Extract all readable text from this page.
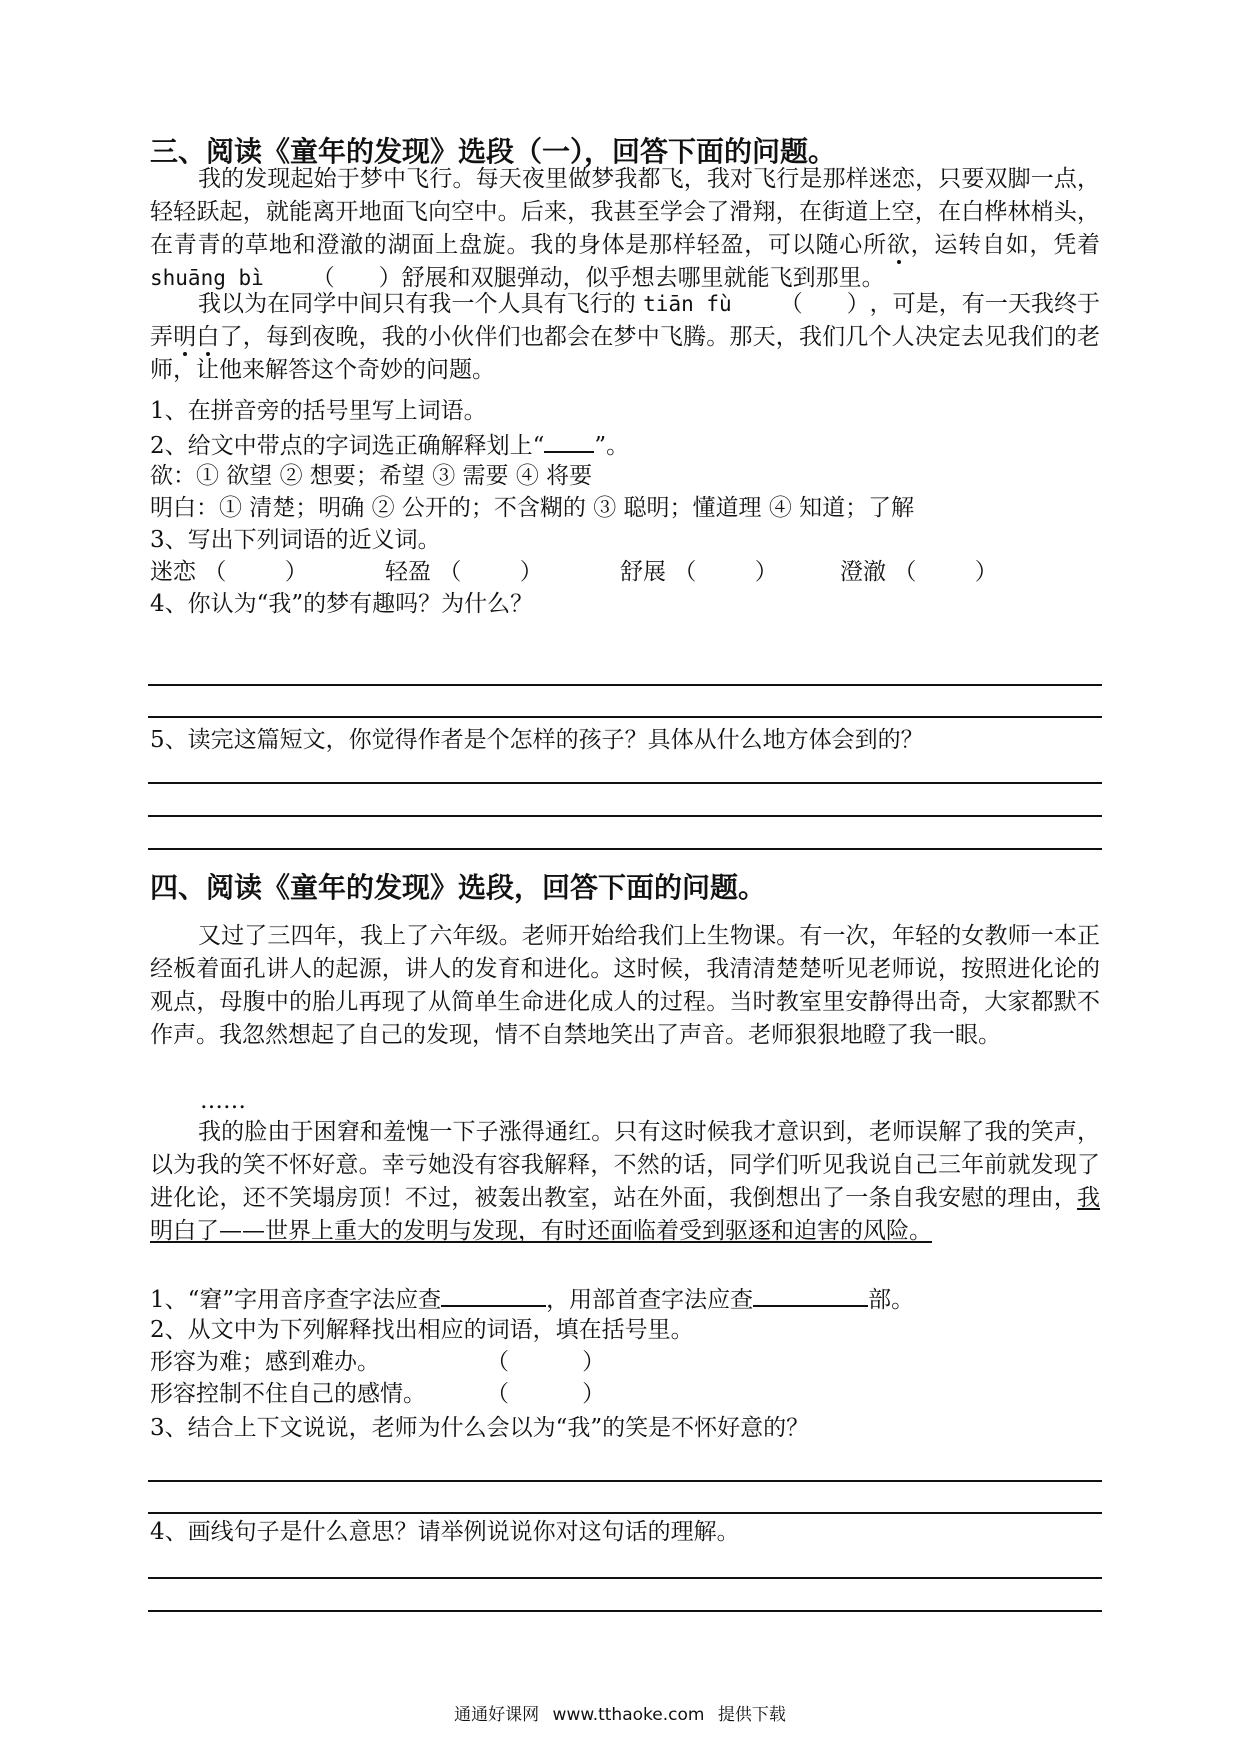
三、阅读《童年的发现》选段（一），回答下面的问题。

我的发现起始于梦中飞行。每天夜里做梦我都飞，我对飞行是那样迷恋，只要双脚一点，轻轻跃起，就能离开地面飞向空中。后来，我甚至学会了滑翔，在街道上空，在白桦林梢头，在青青的草地和澄澈的湖面上盘旋。我的身体是那样轻盈，可以随心所欲，运转自如，凭着 shuāng bì （      ）舒展和双腿弹动，似乎想去哪里就能飞到那里。

我以为在同学中间只有我一个人具有飞行的 tiān fù （      ），可是，有一天我终于弄明白了，每到夜晚，我的小伙伴们也都会在梦中飞腾。那天，我们几个人决定去见我们的老师，让他来解答这个奇妙的问题。

1、在拼音旁的括号里写上词语。
2、给文中带点的字词选正确解释划上“ ”。
欲：① 欲望 ② 想要；希望 ③ 需要 ④ 将要
明白：① 清楚；明确 ② 公开的；不含糊的 ③ 聪明；懂道理 ④ 知道；了解
3、写出下列词语的近义词。
迷恋 （        ）	轻盈 （        ）	舒展 （        ）	澄澈 （        ）
4、你认为“我”的梦有趣吗？为什么？
5、读完这篇短文，你觉得作者是个怎样的孩子？具体从什么地方体会到的？
四、阅读《童年的发现》选段，回答下面的问题。

又过了三四年，我上了六年级。老师开始给我们上生物课。有一次，年轻的女教师一本正经板着面孔讲人的起源，讲人的发育和进化。这时候，我清清楚楚听见老师说，按照进化论的观点，母腹中的胎儿再现了从简单生命进化成人的过程。当时教室里安静得出奇，大家都默不作声。我忽然想起了自己的发现，情不自禁地笑出了声音。老师狠狠地瞪了我一眼。

……

我的脸由于困窘和羞愧一下子涨得通红。只有这时候我才意识到，老师误解了我的笑声，以为我的笑不怀好意。幸亏她没有容我解释，不然的话，同学们听见我说自己三年前就发现了进化论，还不笑塌房顶！不过，被轰出教室，站在外面，我倒想出了一条自我安慰的理由，我明白了——世界上重大的发明与发现，有时还面临着受到驱逐和迫害的风险。

1、“窘”字用音序查字法应查	，用部首查字法应查	部。
2、从文中为下列解释找出相应的词语，填在括号里。
形容为难；感到难办。	（          ）
形容控制不住自己的感情。	（          ）
3、结合上下文说说，老师为什么会以为“我”的笑是不怀好意的？
4、画线句子是什么意思？请举例说说你对这句话的理解。
通通好课网 www.tthaoke.com 提供下载
